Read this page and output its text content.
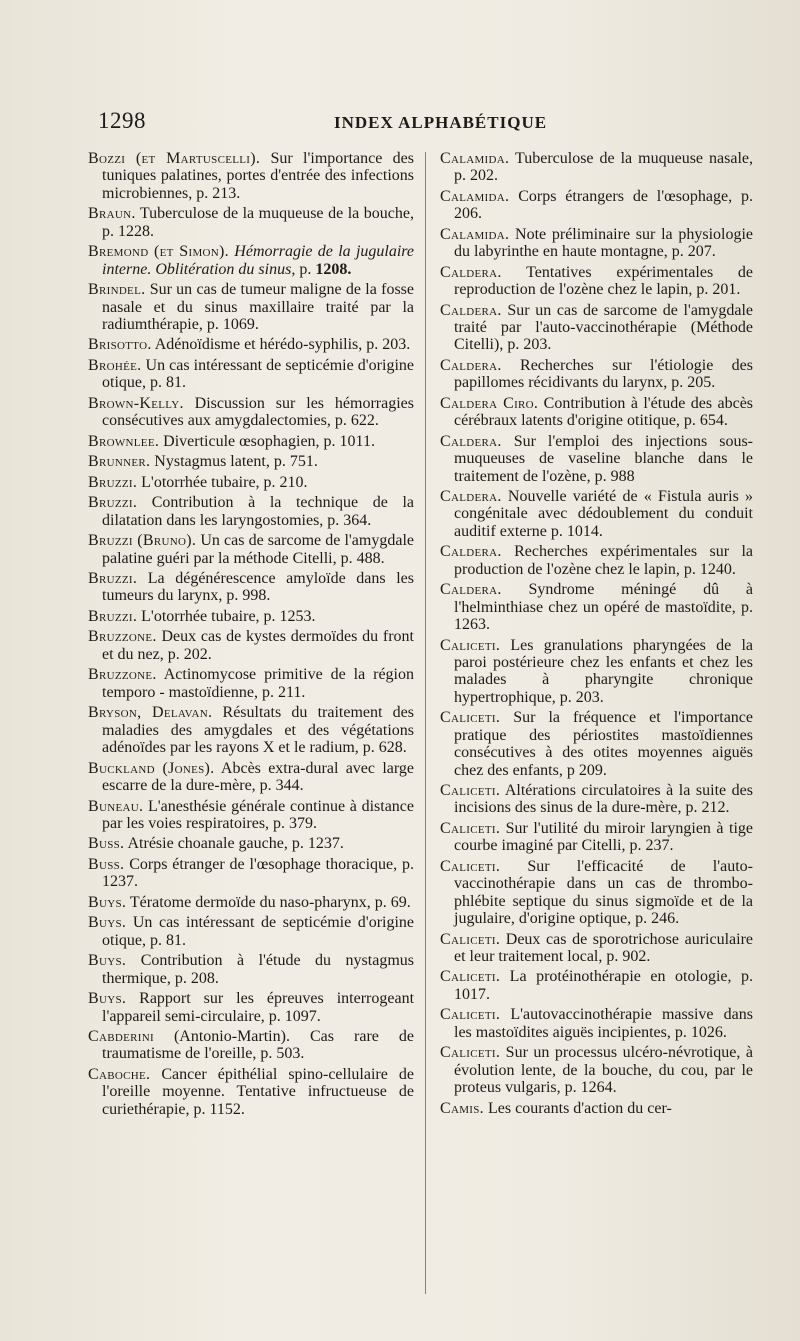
1298	INDEX ALPHABÉTIQUE

Bozzi (et Martuscelli). Sur l'importance des tuniques palatines, portes d'entrée des infections microbiennes, p. 213.

Braun. Tuberculose de la muqueuse de la bouche, p. 1228.

Bremond (et Simon). Hémorragie de la jugulaire interne. Oblitération du sinus, p. 1208.

Brindel. Sur un cas de tumeur maligne de la fosse nasale et du sinus maxillaire traité par la radiumthérapie, p. 1069.

Brisotto. Adénoïdisme et hérédo-syphilis, p. 203.

Brohée. Un cas intéressant de septicémie d'origine otique, p. 81.

Brown-Kelly. Discussion sur les hémorragies consécutives aux amygdalectomies, p. 622.

Brownlee. Diverticule œsophagien, p. 1011.

Brunner. Nystagmus latent, p. 751.

Bruzzi. L'otorrhée tubaire, p. 210.

Bruzzi. Contribution à la technique de la dilatation dans les laryngostomies, p. 364.

Bruzzi (Bruno). Un cas de sarcome de l'amygdale palatine guéri par la méthode Citelli, p. 488.

Bruzzi. La dégénérescence amyloïde dans les tumeurs du larynx, p. 998.

Bruzzi. L'otorrhée tubaire, p. 1253.

Bruzzone. Deux cas de kystes dermoïdes du front et du nez, p. 202.

Bruzzone. Actinomycose primitive de la région temporo - mastoïdienne, p. 211.

Bryson, Delavan. Résultats du traitement des maladies des amygdales et des végétations adénoïdes par les rayons X et le radium, p. 628.

Buckland (Jones). Abcès extra-dural avec large escarre de la dure-mère, p. 344.

Buneau. L'anesthésie générale continue à distance par les voies respiratoires, p. 379.

Buss. Atrésie choanale gauche, p. 1237.

Buss. Corps étranger de l'œsophage thoracique, p. 1237.

Buys. Tératome dermoïde du naso-pharynx, p. 69.

Buys. Un cas intéressant de septicémie d'origine otique, p. 81.

Buys. Contribution à l'étude du nystagmus thermique, p. 208.

Buys. Rapport sur les épreuves interrogeant l'appareil semi-circulaire, p. 1097.

Cabderini (Antonio-Martin). Cas rare de traumatisme de l'oreille, p. 503.

Caboche. Cancer épithélial spino-cellulaire de l'oreille moyenne. Tentative infructueuse de curiethérapie, p. 1152.

Calamida. Tuberculose de la muqueuse nasale, p. 202.

Calamida. Corps étrangers de l'œsophage, p. 206.

Calamida. Note préliminaire sur la physiologie du labyrinthe en haute montagne, p. 207.

Caldera. Tentatives expérimentales de reproduction de l'ozène chez le lapin, p. 201.

Caldera. Sur un cas de sarcome de l'amygdale traité par l'auto-vaccinothérapie (Méthode Citelli), p. 203.

Caldera. Recherches sur l'étiologie des papillomes récidivants du larynx, p. 205.

Caldera Ciro. Contribution à l'étude des abcès cérébraux latents d'origine otitique, p. 654.

Caldera. Sur l'emploi des injections sous-muqueuses de vaseline blanche dans le traitement de l'ozène, p. 988

Caldera. Nouvelle variété de « Fistula auris » congénitale avec dédoublement du conduit auditif externe p. 1014.

Caldera. Recherches expérimentales sur la production de l'ozène chez le lapin, p. 1240.

Caldera. Syndrome méningé dû à l'helminthiase chez un opéré de mastoïdite, p. 1263.

Caliceti. Les granulations pharyngées de la paroi postérieure chez les enfants et chez les malades à pharyngite chronique hypertrophique, p. 203.

Caliceti. Sur la fréquence et l'importance pratique des périostites mastoïdiennes consécutives à des otites moyennes aiguës chez des enfants, p 209.

Caliceti. Altérations circulatoires à la suite des incisions des sinus de la dure-mère, p. 212.

Caliceti. Sur l'utilité du miroir laryngien à tige courbe imaginé par Citelli, p. 237.

Caliceti. Sur l'efficacité de l'auto-vaccinothérapie dans un cas de thrombo-phlébite septique du sinus sigmoïde et de la jugulaire, d'origine optique, p. 246.

Caliceti. Deux cas de sporotrichose auriculaire et leur traitement local, p. 902.

Caliceti. La protéinothérapie en otologie, p. 1017.

Caliceti. L'autovaccinothérapie massive dans les mastoïdites aiguës incipientes, p. 1026.

Caliceti. Sur un processus ulcéro-névrotique, à évolution lente, de la bouche, du cou, par le proteus vulgaris, p. 1264.

Camis. Les courants d'action du cer-
